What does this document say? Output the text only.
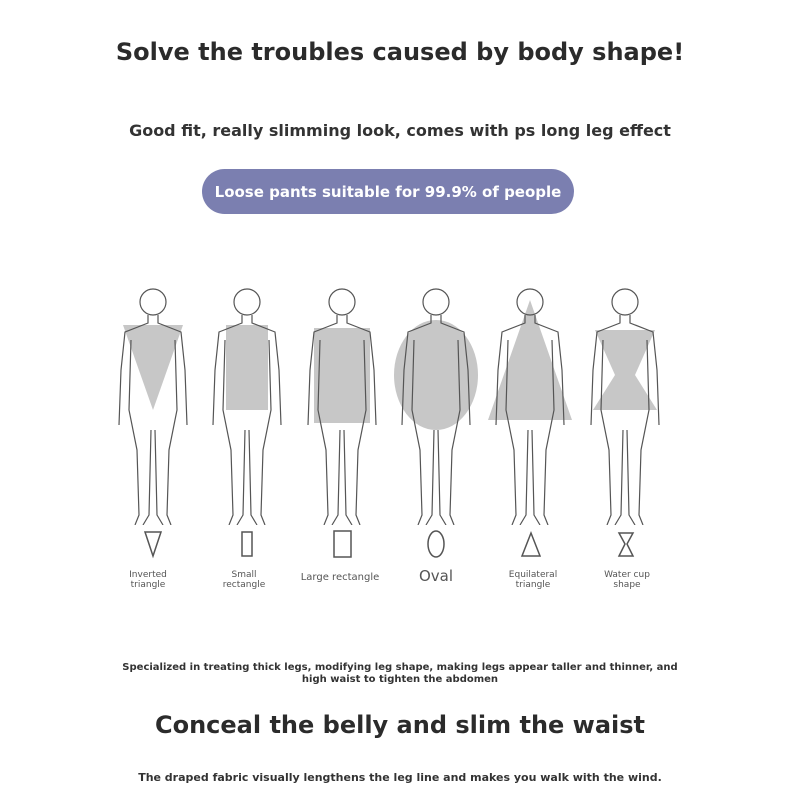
Solve the troubles caused by body shape!
Good fit, really slimming look, comes with ps long leg effect
Loose pants suitable for 99.9% of people
Inverted
triangle
Small
rectangle
Large rectangle	Oval	Equilateral
triangle
Water cup
shape
Specialized in treating thick legs, modifying leg shape, making legs appear taller and thinner, and high waist to tighten the abdomen
Conceal the belly and slim the waist
The draped fabric visually lengthens the leg line and makes you walk with the wind.
